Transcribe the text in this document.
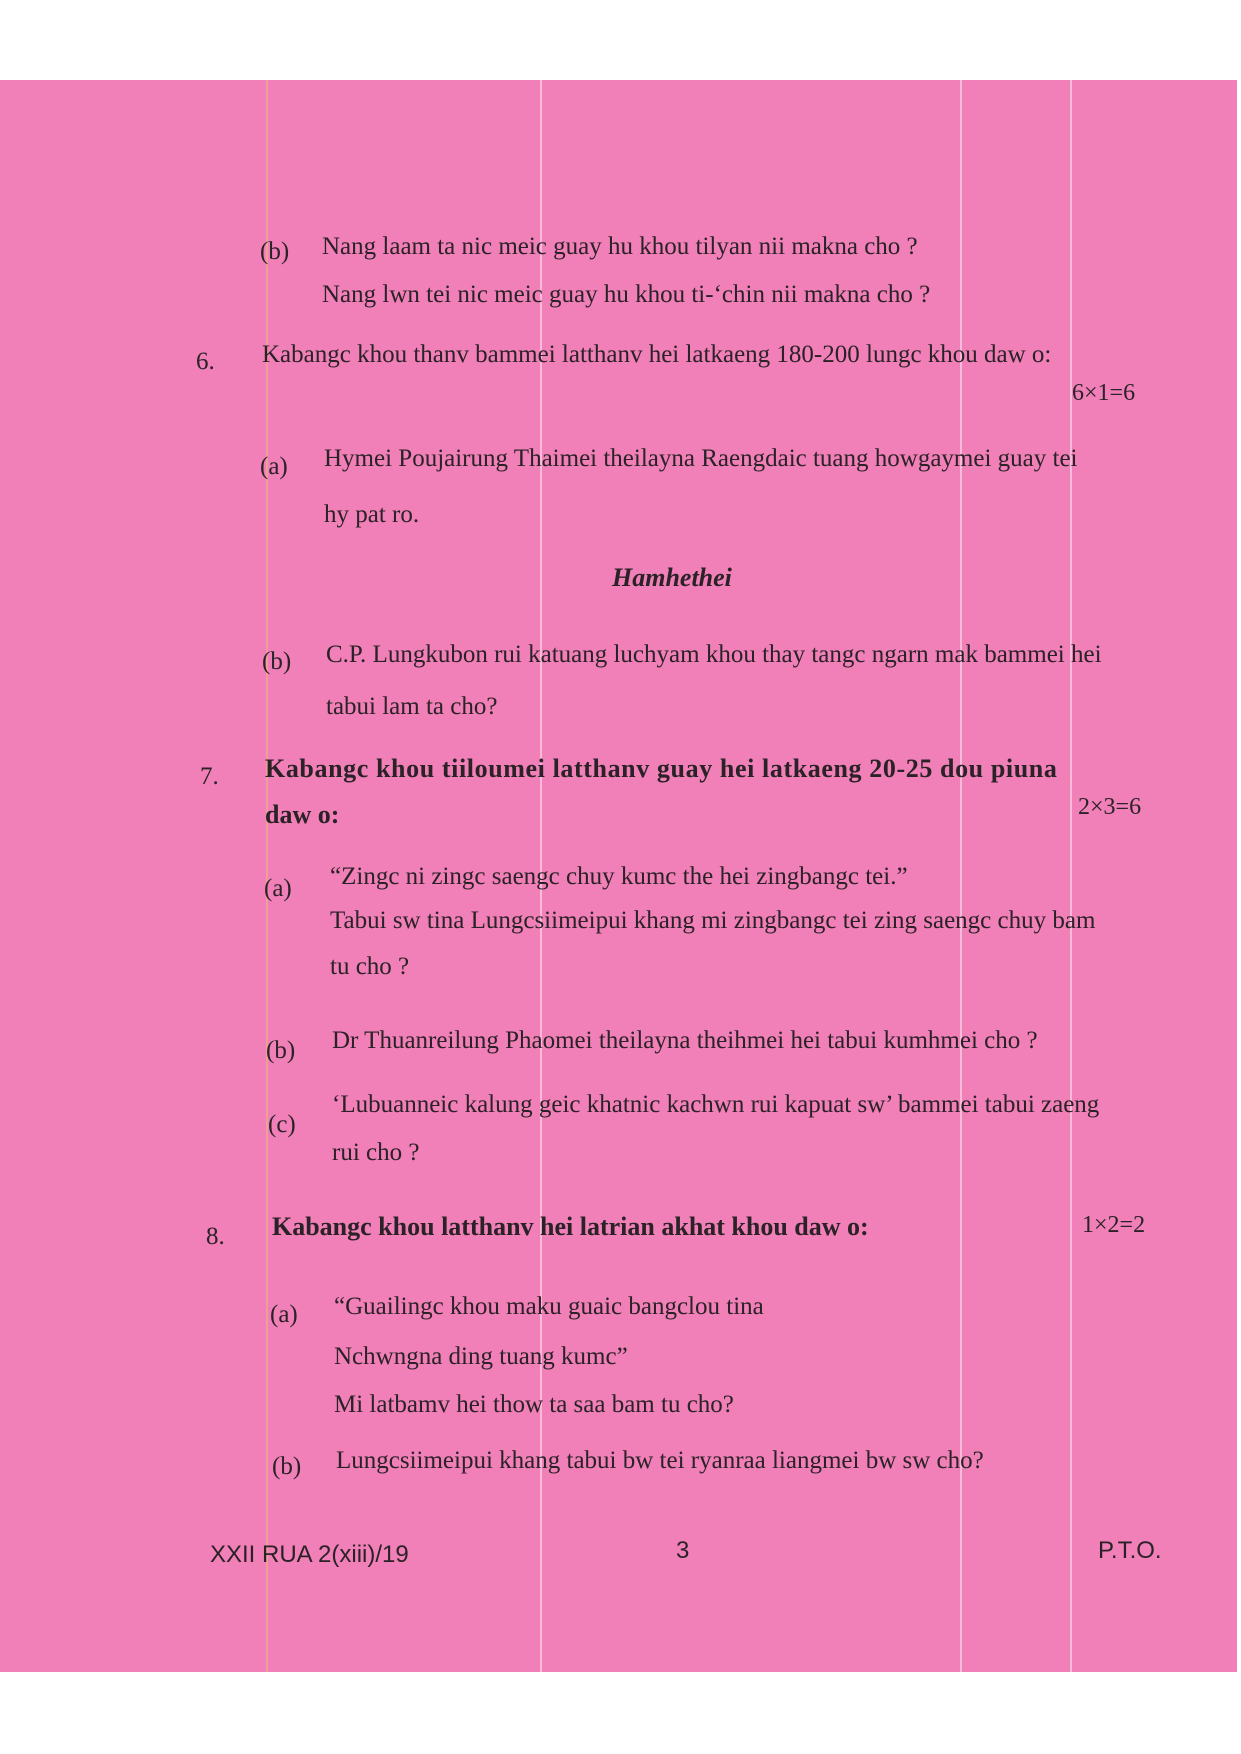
(b) Nang laam ta nic meic guay hu khou tilyan nii makna cho ?
Nang lwn tei nic meic guay hu khou ti-‘chin nii makna cho ?
6. Kabangc khou thanv bammei latthanv hei latkaeng 180-200 lungc khou daw o:
6×1=6
(a) Hymei Poujairung Thaimei theilayna Raengdaic tuang howgaymei guay tei
hy pat ro.
Hamhethei
(b) C.P. Lungkubon rui katuang luchyam khou thay tangc ngarn mak bammei hei
tabui lam ta cho?
7. Kabangc khou tiiloumei latthanv guay hei latkaeng 20-25 dou piuna
daw o:	2×3=6
(a) “Zingc ni zingc saengc chuy kumc the hei zingbangc tei.”
Tabui sw tina Lungcsiimeipui khang mi zingbangc tei zing saengc chuy bam
tu cho ?
(b) Dr Thuanreilung Phaomei theilayna theihmei hei tabui kumhmei cho ?
(c)
‘Lubuanneic kalung geic khatnic kachwn rui kapuat sw’ bammei tabui zaeng
rui cho ?
8. Kabangc khou latthanv hei latrian akhat khou daw o:	1×2=2
(a) “Guailingc khou maku guaic bangclou tina
Nchwngna ding tuang kumc”
Mi latbamv hei thow ta saa bam tu cho?
(b) Lungcsiimeipui khang tabui bw tei ryanraa liangmei bw sw cho?
XXII RUA 2(xiii)/19	3	P.T.O.
